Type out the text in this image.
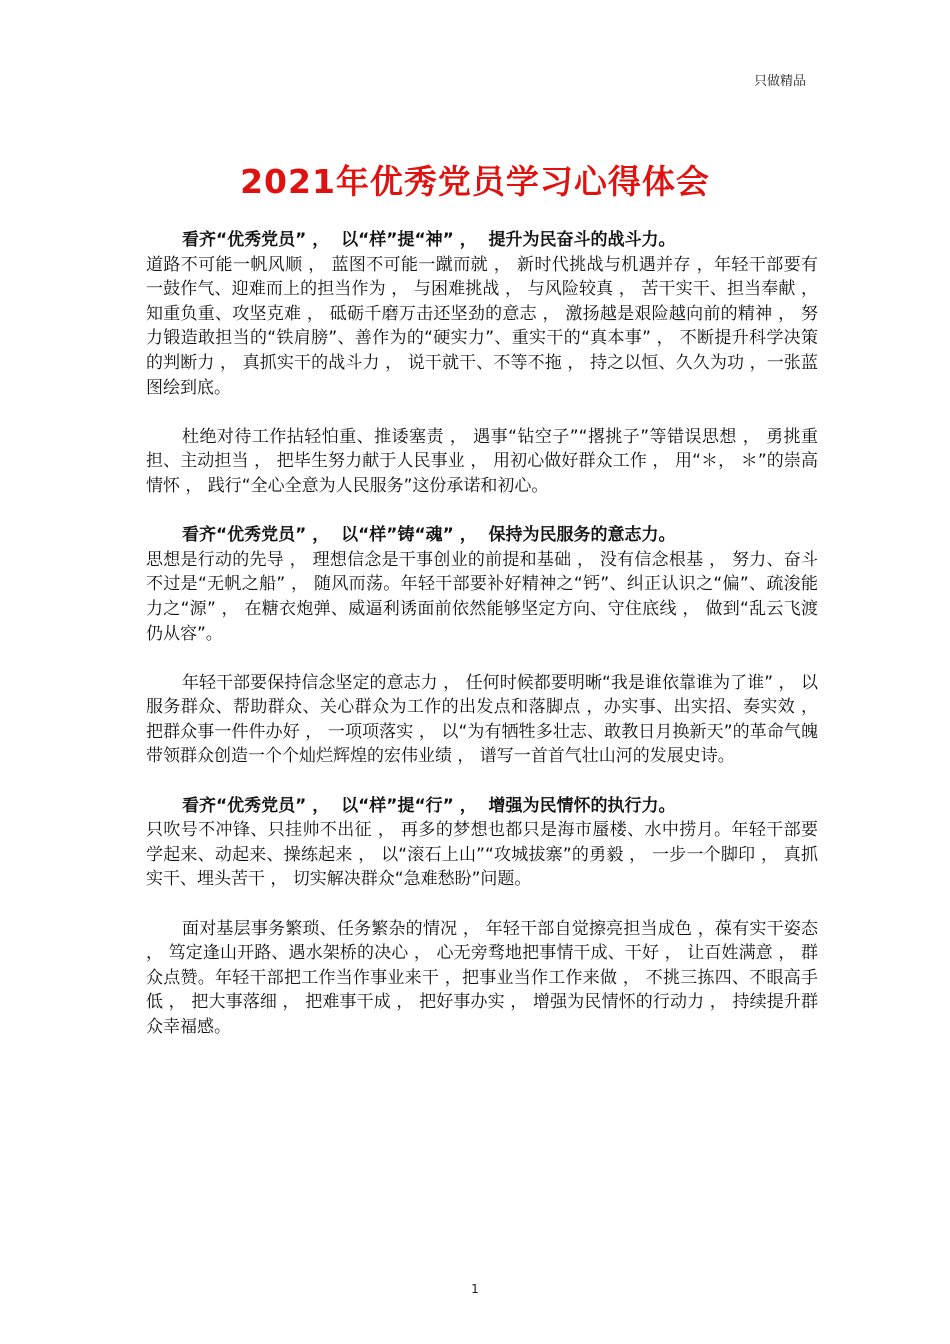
只做精品
2021年优秀党员学习心得体会
看齐“优秀党员” ，  以“样”提“神” ，  提升为民奋斗的战斗力。
道路不可能一帆风顺 ， 蓝图不可能一蹴而就 ， 新时代挑战与机遇并存 ，年轻干部要有一鼓作气、迎难而上的担当作为 ， 与困难挑战 ， 与风险较真 ， 苦干实干、担当奉献 ， 知重负重、攻坚克难 ， 砥砺千磨万击还坚劲的意志 ， 激扬越是艰险越向前的精神 ， 努力锻造敢担当的“铁肩膀”、善作为的“硬实力”、重实干的“真本事” ， 不断提升科学决策的判断力 ， 真抓实干的战斗力 ， 说干就干、不等不拖 ， 持之以恒、久久为功 ，一张蓝图绘到底。
杜绝对待工作拈轻怕重、推诿塞责 ， 遇事“钻空子”“撂挑子”等错误思想 ， 勇挑重担、主动担当 ， 把毕生努力献于人民事业 ， 用初心做好群众工作 ， 用“＊， ＊”的崇高情怀 ， 践行“全心全意为人民服务”这份承诺和初心。
看齐“优秀党员” ，  以“样”铸“魂” ，  保持为民服务的意志力。
思想是行动的先导 ， 理想信念是干事创业的前提和基础 ， 没有信念根基 ， 努力、奋斗不过是“无帆之船” ， 随风而荡。年轻干部要补好精神之“钙”、纠正认识之“偏”、疏浚能力之“源” ， 在糖衣炮弹、威逼利诱面前依然能够坚定方向、守住底线 ， 做到“乱云飞渡仍从容”。
年轻干部要保持信念坚定的意志力 ， 任何时候都要明晰“我是谁依靠谁为了谁” ， 以服务群众、帮助群众、关心群众为工作的出发点和落脚点 ，办实事、出实招、奏实效 ， 把群众事一件件办好 ， 一项项落实 ， 以“为有牺牲多壮志、敢教日月换新天”的革命气魄带领群众创造一个个灿烂辉煌的宏伟业绩 ， 谱写一首首气壮山河的发展史诗。
看齐“优秀党员” ，  以“样”提“行” ，  增强为民情怀的执行力。
只吹号不冲锋、只挂帅不出征 ， 再多的梦想也都只是海市蜃楼、水中捞月。年轻干部要学起来、动起来、操练起来 ， 以“滚石上山”“攻城拔寨”的勇毅 ， 一步一个脚印 ， 真抓实干、埋头苦干 ， 切实解决群众“急难愁盼”问题。
面对基层事务繁琐、任务繁杂的情况 ， 年轻干部自觉擦亮担当成色 ，葆有实干姿态 ， 笃定逢山开路、遇水架桥的决心 ， 心无旁骛地把事情干成、干好 ， 让百姓满意 ， 群众点赞。年轻干部把工作当作事业来干 ，把事业当作工作来做 ， 不挑三拣四、不眼高手低 ， 把大事落细 ， 把难事干成 ， 把好事办实 ， 增强为民情怀的行动力 ， 持续提升群众幸福感。
1
